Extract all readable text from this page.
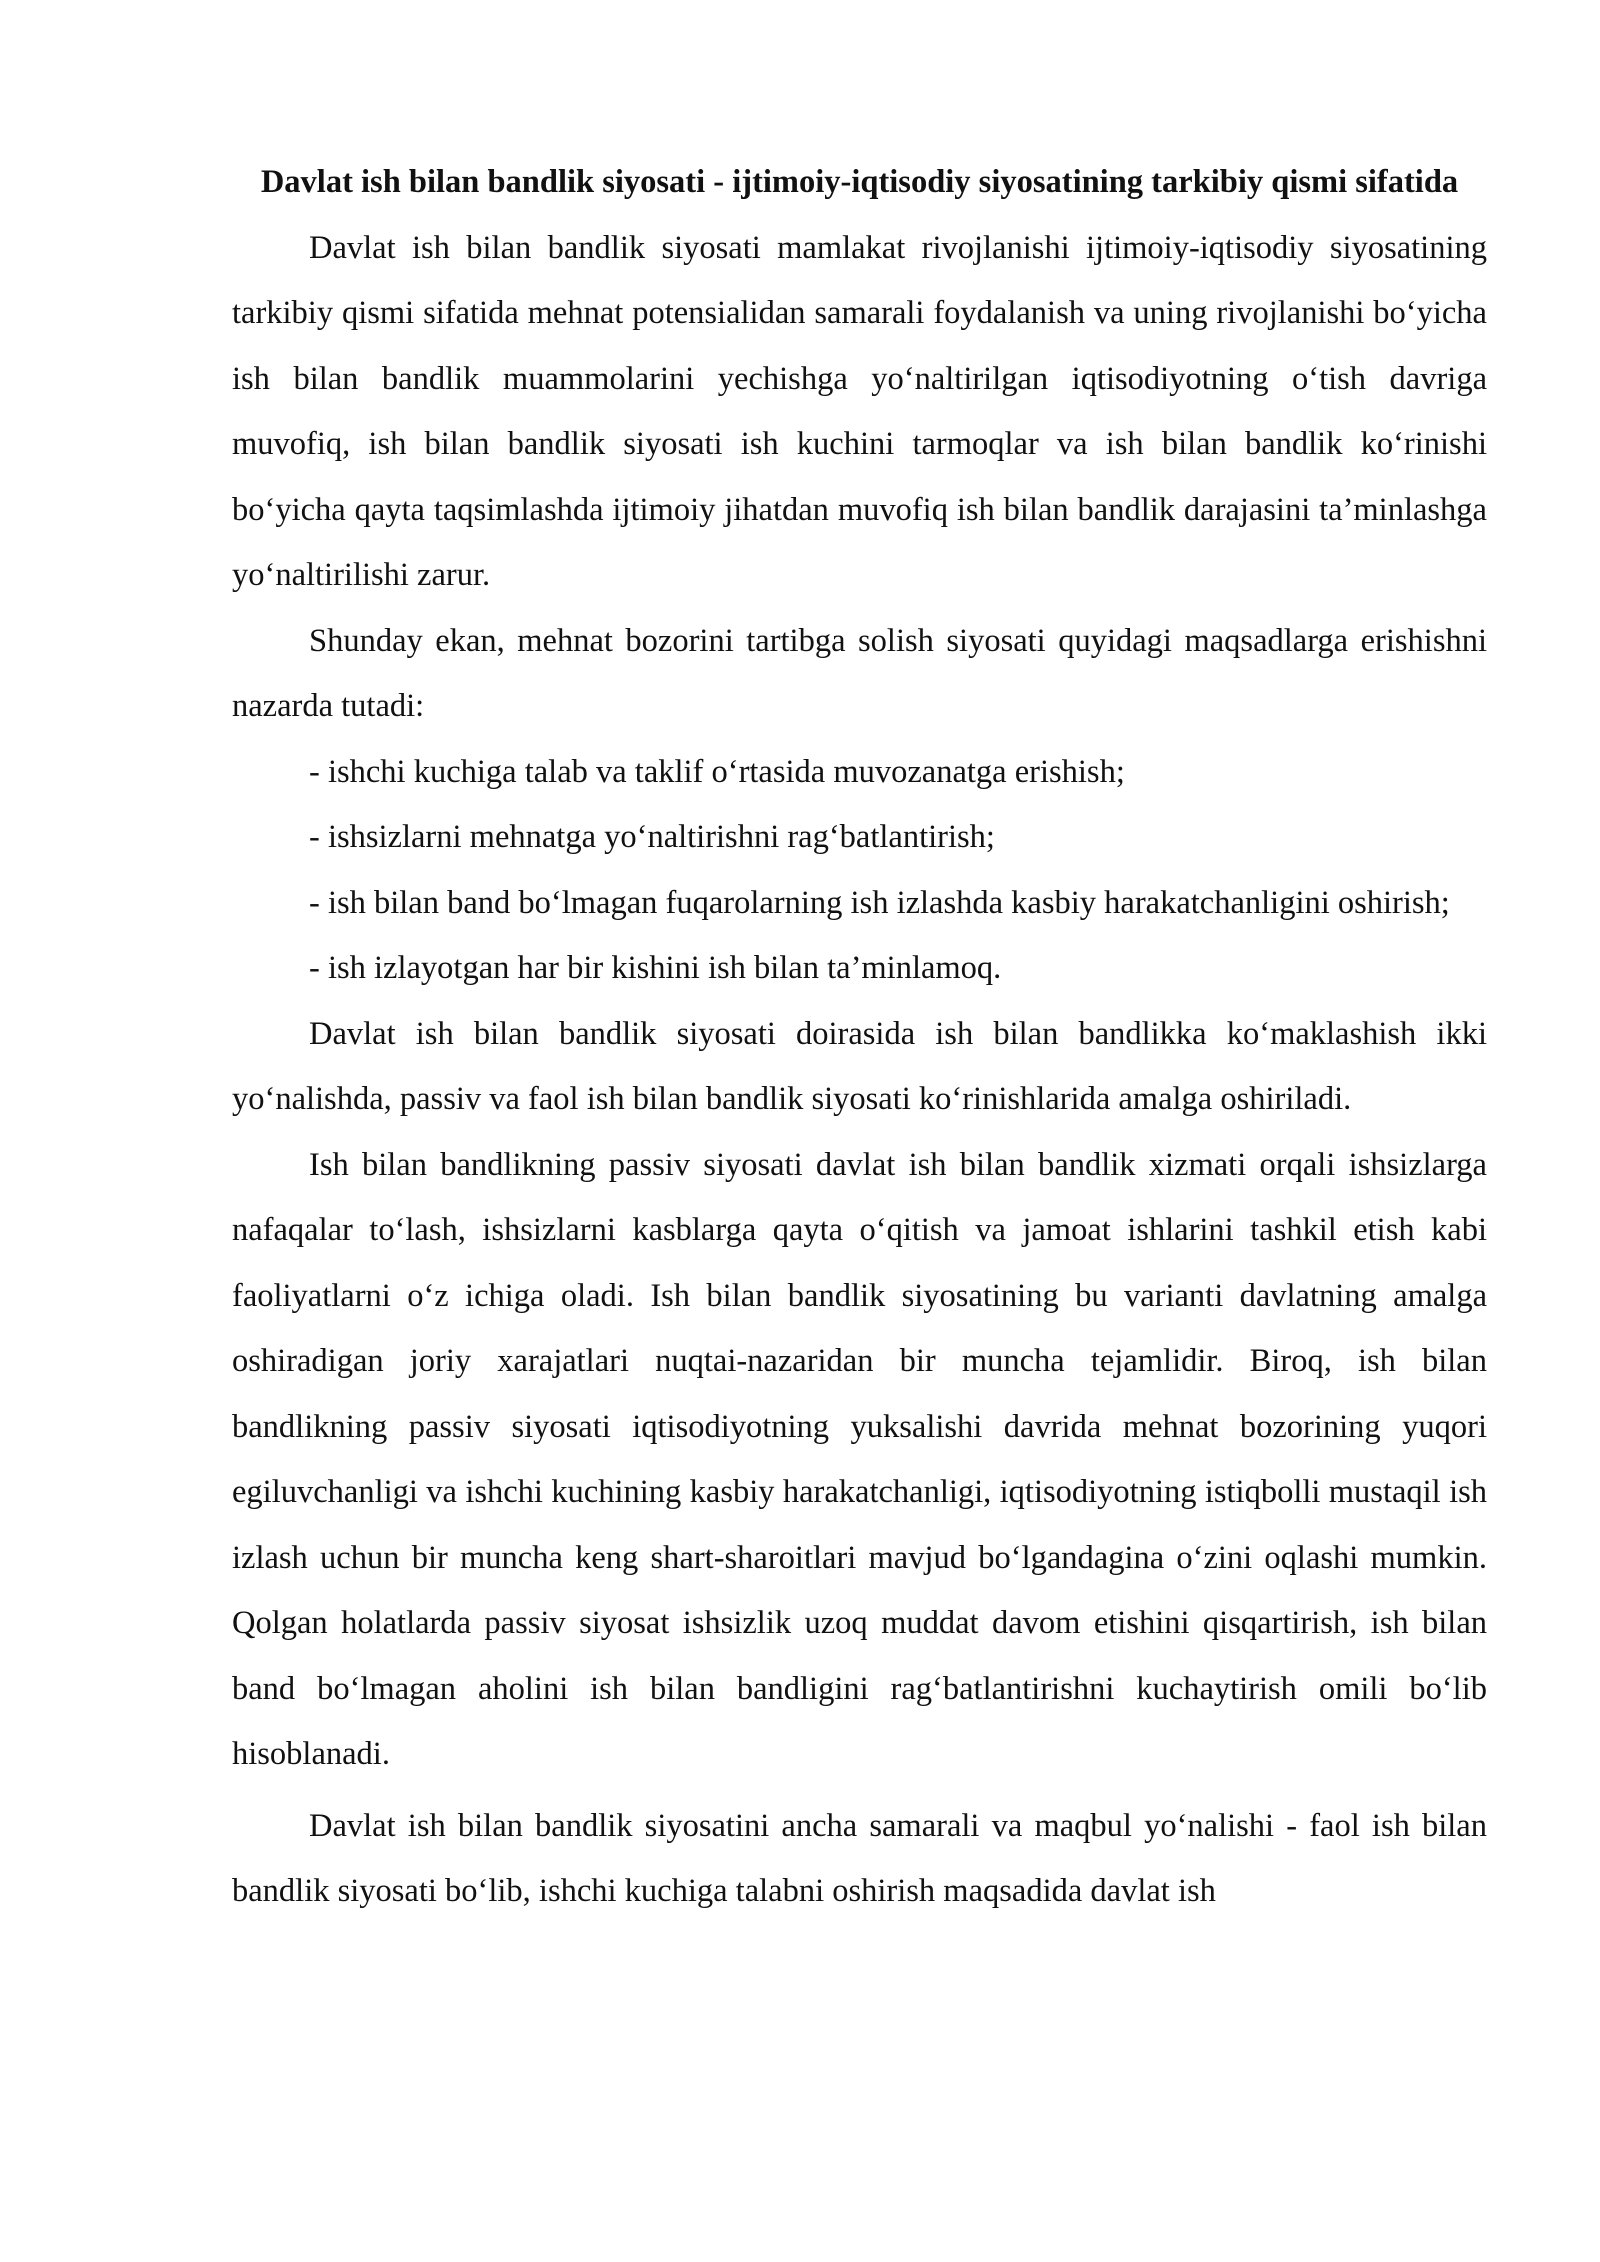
Davlat ish bilan bandlik siyosati - ijtimoiy-iqtisodiy siyosatining tarkibiy qismi sifatida

Davlat ish bilan bandlik siyosati mamlakat rivojlanishi ijtimoiy-iqtisodiy siyosatining tarkibiy qismi sifatida mehnat potensialidan samarali foydalanish va uning rivojlanishi bo‘yicha ish bilan bandlik muammolarini yechishga yo‘naltirilgan iqtisodiyotning o‘tish davriga muvofiq, ish bilan bandlik siyosati ish kuchini tarmoqlar va ish bilan bandlik ko‘rinishi bo‘yicha qayta taqsimlashda ijtimoiy jihatdan muvofiq ish bilan bandlik darajasini ta’minlashga yo‘naltirilishi zarur.

Shunday ekan, mehnat bozorini tartibga solish siyosati quyidagi maqsadlarga erishishni nazarda tutadi:

- ishchi kuchiga talab va taklif o‘rtasida muvozanatga erishish;

- ishsizlarni mehnatga yo‘naltirishni rag‘batlantirish;

- ish bilan band bo‘lmagan fuqarolarning ish izlashda kasbiy harakatchanligini oshirish;

- ish izlayotgan har bir kishini ish bilan ta’minlamoq.

Davlat ish bilan bandlik siyosati doirasida ish bilan bandlikka ko‘maklashish ikki yo‘nalishda, passiv va faol ish bilan bandlik siyosati ko‘rinishlarida amalga oshiriladi.

Ish bilan bandlikning passiv siyosati davlat ish bilan bandlik xizmati orqali ishsizlarga nafaqalar to‘lash, ishsizlarni kasblarga qayta o‘qitish va jamoat ishlarini tashkil etish kabi faoliyatlarni o‘z ichiga oladi. Ish bilan bandlik siyosatining bu varianti davlatning amalga oshiradigan joriy xarajatlari nuqtai-nazaridan bir muncha tejamlidir. Biroq, ish bilan bandlikning passiv siyosati iqtisodiyotning yuksalishi davrida mehnat bozorining yuqori egiluvchanligi va ishchi kuchining kasbiy harakatchanligi, iqtisodiyotning istiqbolli mustaqil ish izlash uchun bir muncha keng shart-sharoitlari mavjud bo‘lgandagina o‘zini oqlashi mumkin. Qolgan holatlarda passiv siyosat ishsizlik uzoq muddat davom etishini qisqartirish, ish bilan band bo‘lmagan aholini ish bilan bandligini rag‘batlantirishni kuchaytirish omili bo‘lib hisoblanadi.

Davlat ish bilan bandlik siyosatini ancha samarali va maqbul yo‘nalishi - faol ish bilan bandlik siyosati bo‘lib, ishchi kuchiga talabni oshirish maqsadida davlat ish
